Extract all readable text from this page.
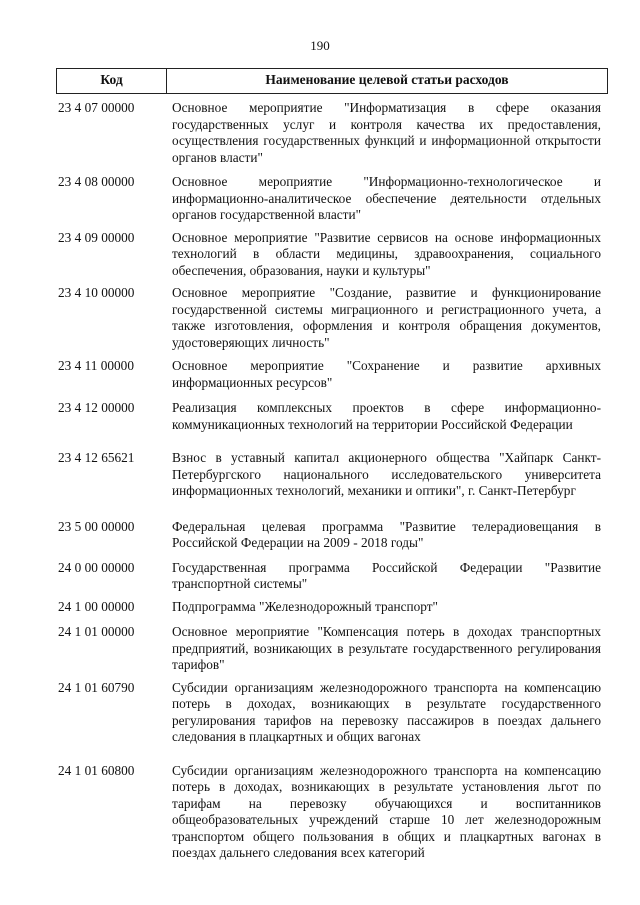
190
Код	Наименование целевой статьи расходов
23 4 07 00000	Основное мероприятие "Информатизация в сфере оказания государственных услуг и контроля качества их предоставления, осуществления государственных функций и информационной открытости органов власти"
23 4 08 00000	Основное мероприятие "Информационно-технологическое и информационно-аналитическое обеспечение деятельности отдельных органов государственной власти"
23 4 09 00000	Основное мероприятие "Развитие сервисов на основе информационных технологий в области медицины, здравоохранения, социального обеспечения, образования, науки и культуры"
23 4 10 00000	Основное мероприятие "Создание, развитие и функционирование государственной системы миграционного и регистрационного учета, а также изготовления, оформления и контроля обращения документов, удостоверяющих личность"
23 4 11 00000	Основное мероприятие "Сохранение и развитие архивных информационных ресурсов"
23 4 12 00000	Реализация комплексных проектов в сфере информационно-коммуникационных технологий на территории Российской Федерации
23 4 12 65621	Взнос в уставный капитал акционерного общества "Хайпарк Санкт-Петербургского национального исследовательского университета информационных технологий, механики и оптики", г. Санкт-Петербург
23 5 00 00000	Федеральная целевая программа "Развитие телерадиовещания в Российской Федерации на 2009 - 2018 годы"
24 0 00 00000	Государственная программа Российской Федерации "Развитие транспортной системы"
24 1 00 00000	Подпрограмма "Железнодорожный транспорт"
24 1 01 00000	Основное мероприятие "Компенсация потерь в доходах транспортных предприятий, возникающих в результате государственного регулирования тарифов"
24 1 01 60790	Субсидии организациям железнодорожного транспорта на компенсацию потерь в доходах, возникающих в результате государственного регулирования тарифов на перевозку пассажиров в поездах дальнего следования в плацкартных и общих вагонах
24 1 01 60800	Субсидии организациям железнодорожного транспорта на компенсацию потерь в доходах, возникающих в результате установления льгот по тарифам на перевозку обучающихся и воспитанников общеобразовательных учреждений старше 10 лет железнодорожным транспортом общего пользования в общих и плацкартных вагонах в поездах дальнего следования всех категорий
